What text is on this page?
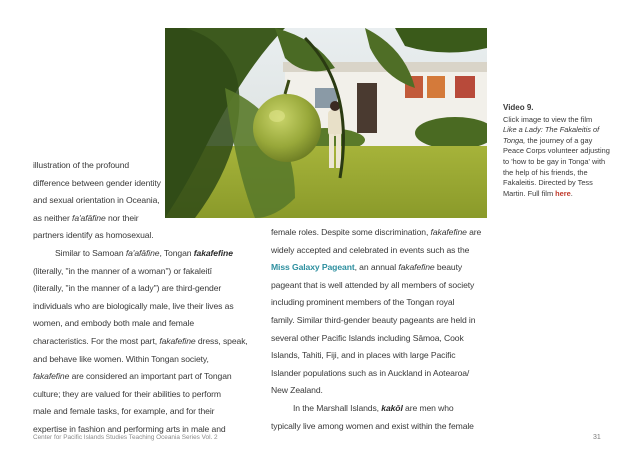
Video 9.
Click image to view the film
Like a Lady: The Fakaleitis of Tonga, the journey of a gay Peace Corps volunteer adjusting to 'how to be gay in Tonga' with the help of his friends, the Fakaleitis. Directed by Tess Martin. Full film here.

illustration of the profound

difference between gender identity

and sexual orientation in Oceania,

as neither fa'afāfine nor their

partners identify as homosexual.

Similar to Samoan fa'afāfine, Tongan fakafefine

(literally, "in the manner of a woman") or fakaleitī

(literally, "in the manner of a lady") are third-gender

individuals who are biologically male, live their lives as

women, and embody both male and female

characteristics. For the most part, fakafefine dress, speak,

and behave like women. Within Tongan society,

fakafefine are considered an important part of Tongan

culture; they are valued for their abilities to perform

male and female tasks, for example, and for their

expertise in fashion and performing arts in male and

female roles. Despite some discrimination, fakafefine are

widely accepted and celebrated in events such as the

Miss Galaxy Pageant, an annual fakafefine beauty

pageant that is well attended by all members of society

including prominent members of the Tongan royal

family. Similar third-gender beauty pageants are held in

several other Pacific Islands including Sāmoa, Cook

Islands, Tahiti, Fiji, and in places with large Pacific

Islander populations such as in Auckland in Aotearoa/

New Zealand.

In the Marshall Islands, kakōl are men who

typically live among women and exist within the female

Center for Pacific Islands Studies Teaching Oceania Series Vol. 2	31
